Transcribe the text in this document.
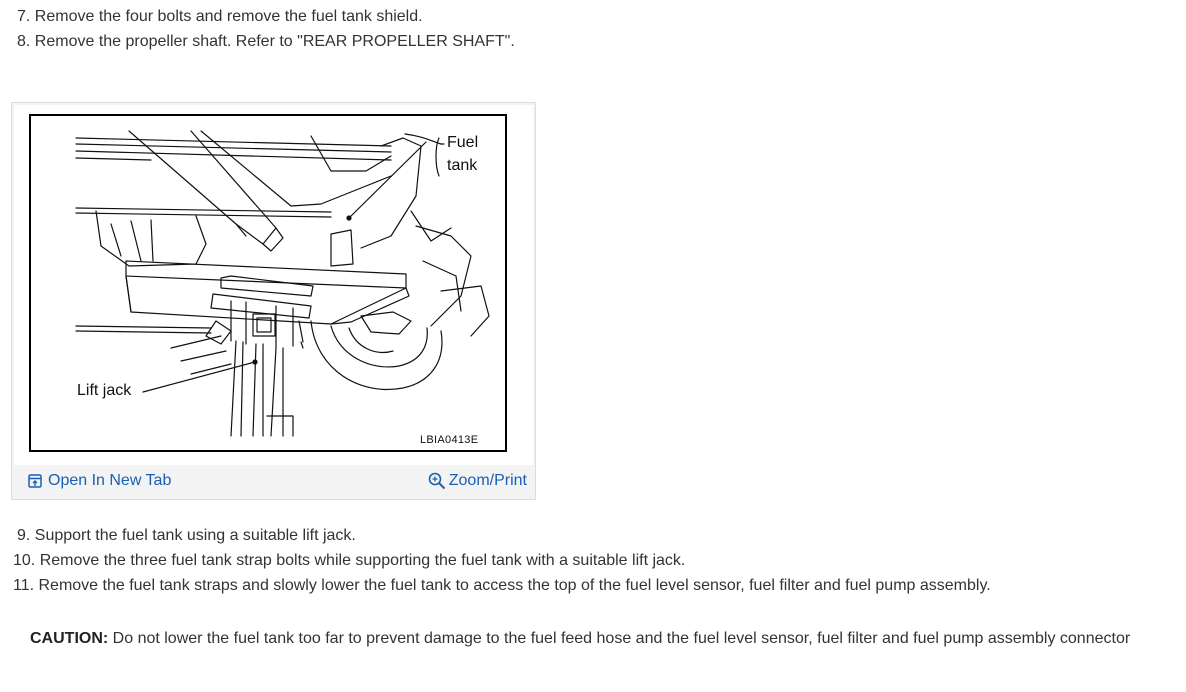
7. Remove the four bolts and remove the fuel tank shield.
8. Remove the propeller shaft. Refer to "REAR PROPELLER SHAFT".
Fuel
tank
Lift jack
LBIA0413E
Open In New Tab	Zoom/Print
9. Support the fuel tank using a suitable lift jack.
10. Remove the three fuel tank strap bolts while supporting the fuel tank with a suitable lift jack.
11. Remove the fuel tank straps and slowly lower the fuel tank to access the top of the fuel level sensor, fuel filter and fuel pump assembly.
CAUTION: Do not lower the fuel tank too far to prevent damage to the fuel feed hose and the fuel level sensor, fuel filter and fuel pump assembly connector
